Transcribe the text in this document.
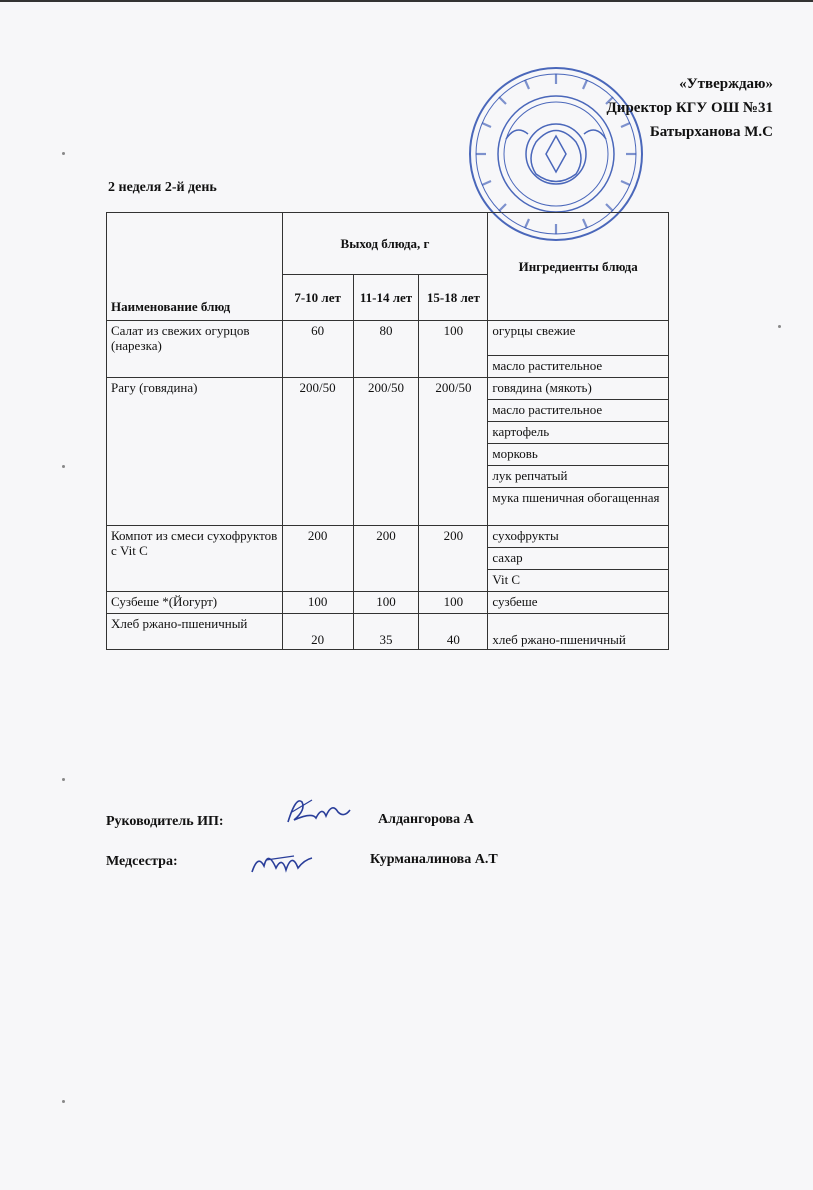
«Утверждаю»
Директор КГУ ОШ №31
Батырханова М.С
2 неделя 2-й день
Наименование блюд	Выход блюда, г			Ингредиенты блюда
	7-10 лет	11-14 лет	15-18 лет	
Салат из свежих огурцов (нарезка)	60	80	100	огурцы свежие
				масло растительное
Рагу (говядина)	200/50	200/50	200/50	говядина (мякоть)
				масло растительное
				картофель
				морковь
				лук репчатый
				мука пшеничная обогащенная
Компот из смеси сухофруктов с Vit C	200	200	200	сухофрукты
				сахар
				Vit C
Сузбеше *(Йогурт)	100	100	100	сузбеше
Хлеб ржано-пшеничный	20	35	40	хлеб ржано-пшеничный
Руководитель ИП:	Алдангорова А
Медсестра:	Курманалинова А.Т
